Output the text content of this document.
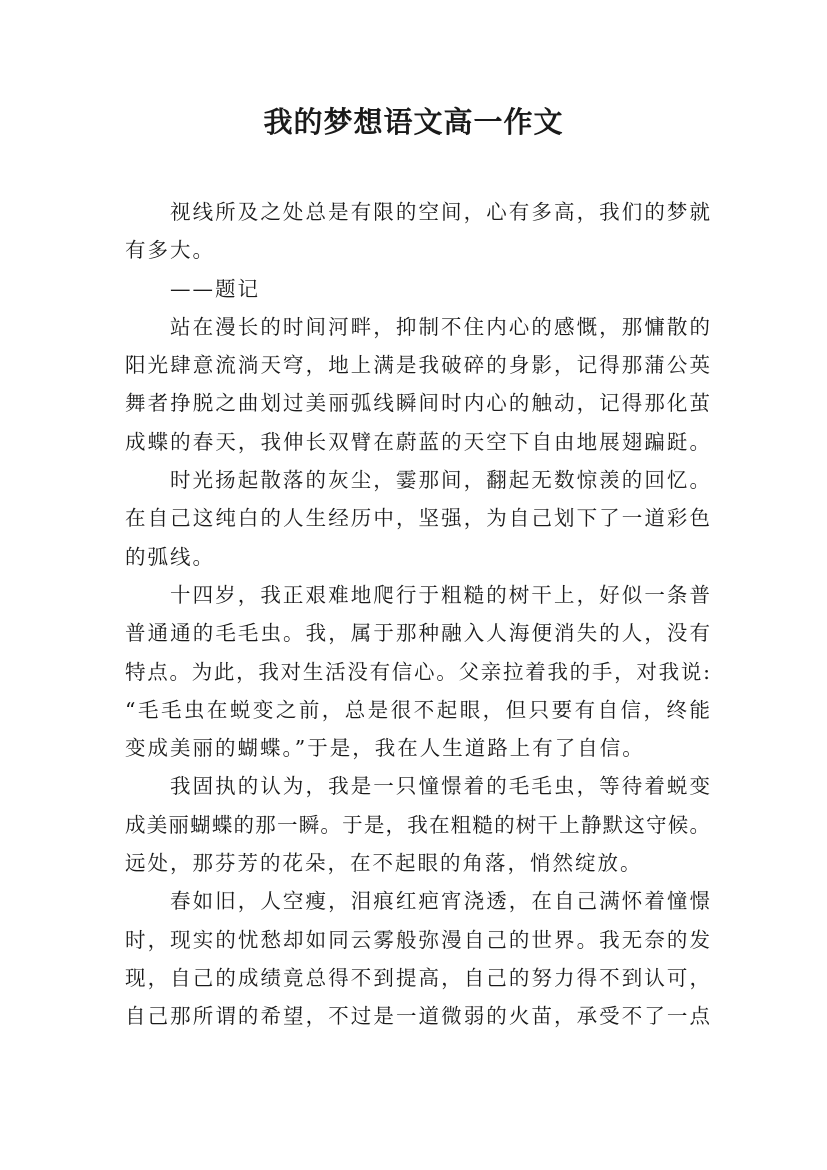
我的梦想语文高一作文
视线所及之处总是有限的空间，心有多高，我们的梦就
有多大。
——题记
站在漫长的时间河畔，抑制不住内心的感慨，那慵散的
阳光肆意流淌天穹，地上满是我破碎的身影，记得那蒲公英
舞者挣脱之曲划过美丽弧线瞬间时内心的触动，记得那化茧
成蝶的春天，我伸长双臂在蔚蓝的天空下自由地展翅蹁跹。
时光扬起散落的灰尘，霎那间，翻起无数惊羡的回忆。
在自己这纯白的人生经历中，坚强，为自己划下了一道彩色
的弧线。
十四岁，我正艰难地爬行于粗糙的树干上，好似一条普
普通通的毛毛虫。我，属于那种融入人海便消失的人，没有
特点。为此，我对生活没有信心。父亲拉着我的手，对我说:
“毛毛虫在蜕变之前，总是很不起眼，但只要有自信，终能
变成美丽的蝴蝶。”于是，我在人生道路上有了自信。
我固执的认为，我是一只憧憬着的毛毛虫，等待着蜕变
成美丽蝴蝶的那一瞬。于是，我在粗糙的树干上静默这守候。
远处，那芬芳的花朵，在不起眼的角落，悄然绽放。
春如旧，人空瘦，泪痕红疤宵浇透，在自己满怀着憧憬
时，现实的忧愁却如同云雾般弥漫自己的世界。我无奈的发
现，自己的成绩竟总得不到提高，自己的努力得不到认可，
自己那所谓的希望，不过是一道微弱的火苗，承受不了一点
